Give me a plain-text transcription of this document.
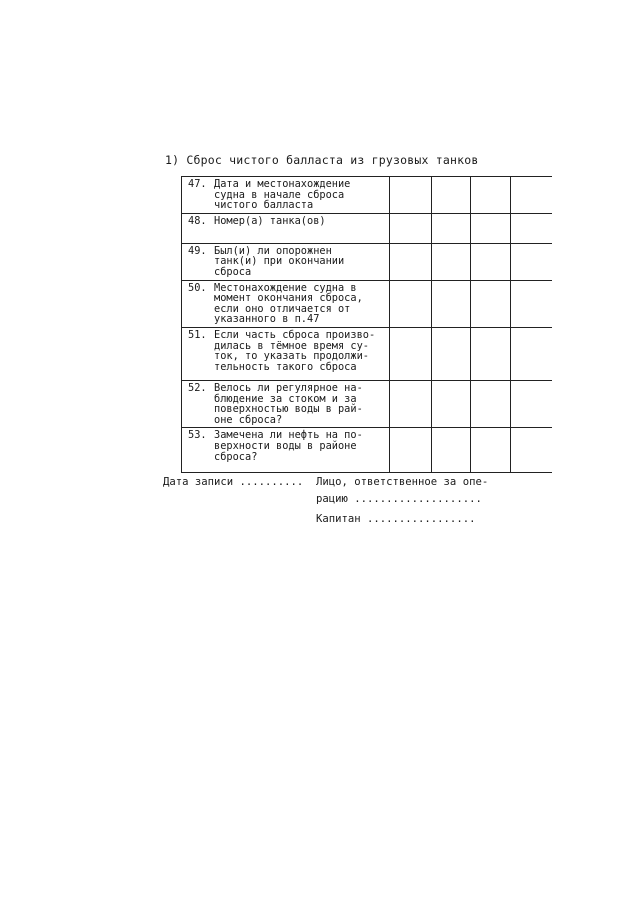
1) Сброс чистого балласта из грузовых танков
47. Дата и местонахождение
судна в начале сброса
чистого балласта				

48. Номер(а) танка(ов)				

49. Был(и) ли опорожнен
танк(и) при окончании
сброса				

50. Местонахождение судна в
момент окончания сброса,
если оно отличается от
указанного в п.47				

51. Если часть сброса произво-
дилась в тёмное время су-
ток, то указать продолжи-
тельность такого сброса				

52. Велось ли регулярное на-
блюдение за стоком и за
поверхностью воды в рай-
оне сброса?				

53. Замечена ли нефть на по-
верхности воды в районе
сброса?				

Дата записи .......... Лицо, ответственное за опе-
рацию ....................
Капитан .................
